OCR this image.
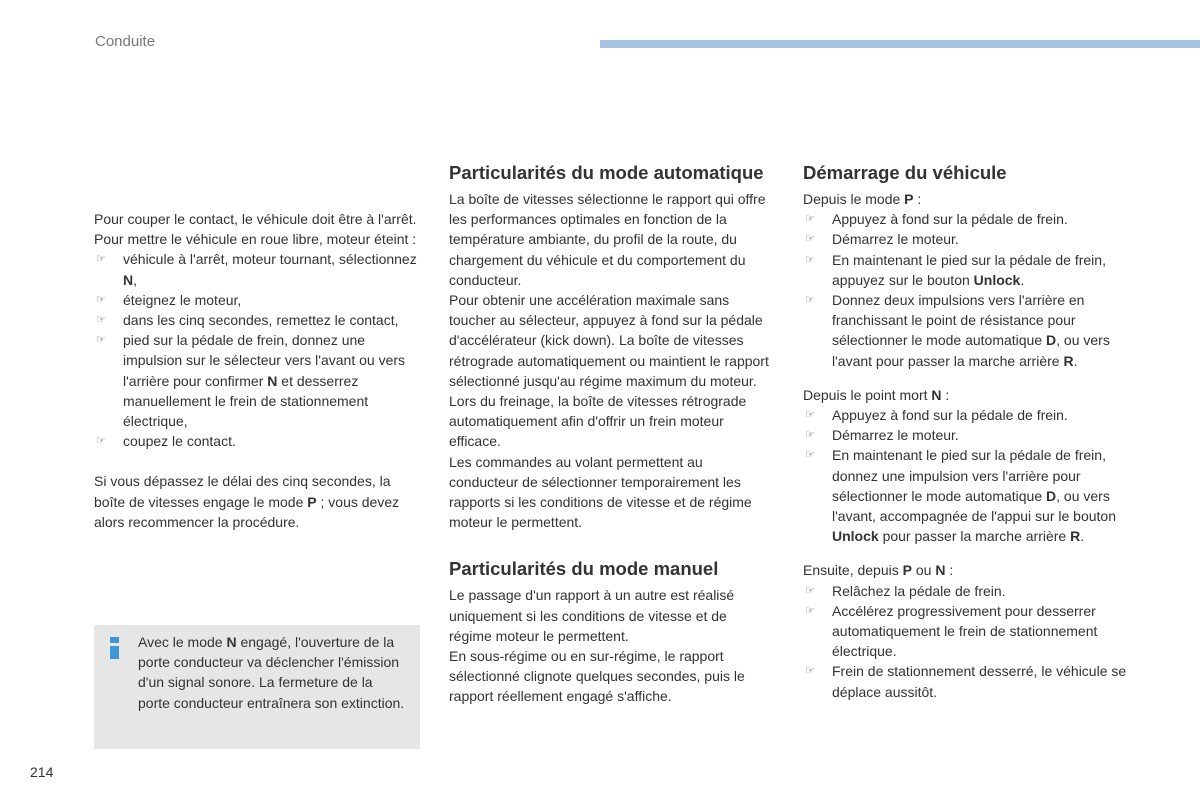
Conduite

Pour couper le contact, le véhicule doit être à l'arrêt.

Pour mettre le véhicule en roue libre, moteur éteint :

☞ véhicule à l'arrêt, moteur tournant, sélectionnez N,
☞ éteignez le moteur,
☞ dans les cinq secondes, remettez le contact,
☞ pied sur la pédale de frein, donnez une impulsion sur le sélecteur vers l'avant ou vers l'arrière pour confirmer N et desserrez manuellement le frein de stationnement électrique,
☞ coupez le contact.

Si vous dépassez le délai des cinq secondes, la boîte de vitesses engage le mode P ; vous devez alors recommencer la procédure.

Avec le mode N engagé, l'ouverture de la porte conducteur va déclencher l'émission d'un signal sonore. La fermeture de la porte conducteur entraînera son extinction.
Particularités du mode automatique

La boîte de vitesses sélectionne le rapport qui offre les performances optimales en fonction de la température ambiante, du profil de la route, du chargement du véhicule et du comportement du conducteur.

Pour obtenir une accélération maximale sans toucher au sélecteur, appuyez à fond sur la pédale d'accélérateur (kick down). La boîte de vitesses rétrograde automatiquement ou maintient le rapport sélectionné jusqu'au régime maximum du moteur.

Lors du freinage, la boîte de vitesses rétrograde automatiquement afin d'offrir un frein moteur efficace.

Les commandes au volant permettent au conducteur de sélectionner temporairement les rapports si les conditions de vitesse et de régime moteur le permettent.

Particularités du mode manuel

Le passage d'un rapport à un autre est réalisé uniquement si les conditions de vitesse et de régime moteur le permettent.

En sous-régime ou en sur-régime, le rapport sélectionné clignote quelques secondes, puis le rapport réellement engagé s'affiche.

Démarrage du véhicule

Depuis le mode P :

☞ Appuyez à fond sur la pédale de frein.
☞ Démarrez le moteur.
☞ En maintenant le pied sur la pédale de frein, appuyez sur le bouton Unlock.
☞ Donnez deux impulsions vers l'arrière en franchissant le point de résistance pour sélectionner le mode automatique D, ou vers l'avant pour passer la marche arrière R.

Depuis le point mort N :

☞ Appuyez à fond sur la pédale de frein.
☞ Démarrez le moteur.
☞ En maintenant le pied sur la pédale de frein, donnez une impulsion vers l'arrière pour sélectionner le mode automatique D, ou vers l'avant, accompagnée de l'appui sur le bouton Unlock pour passer la marche arrière R.

Ensuite, depuis P ou N :

☞ Relâchez la pédale de frein.
☞ Accélérez progressivement pour desserrer automatiquement le frein de stationnement électrique.
☞ Frein de stationnement desserré, le véhicule se déplace aussitôt.
214
